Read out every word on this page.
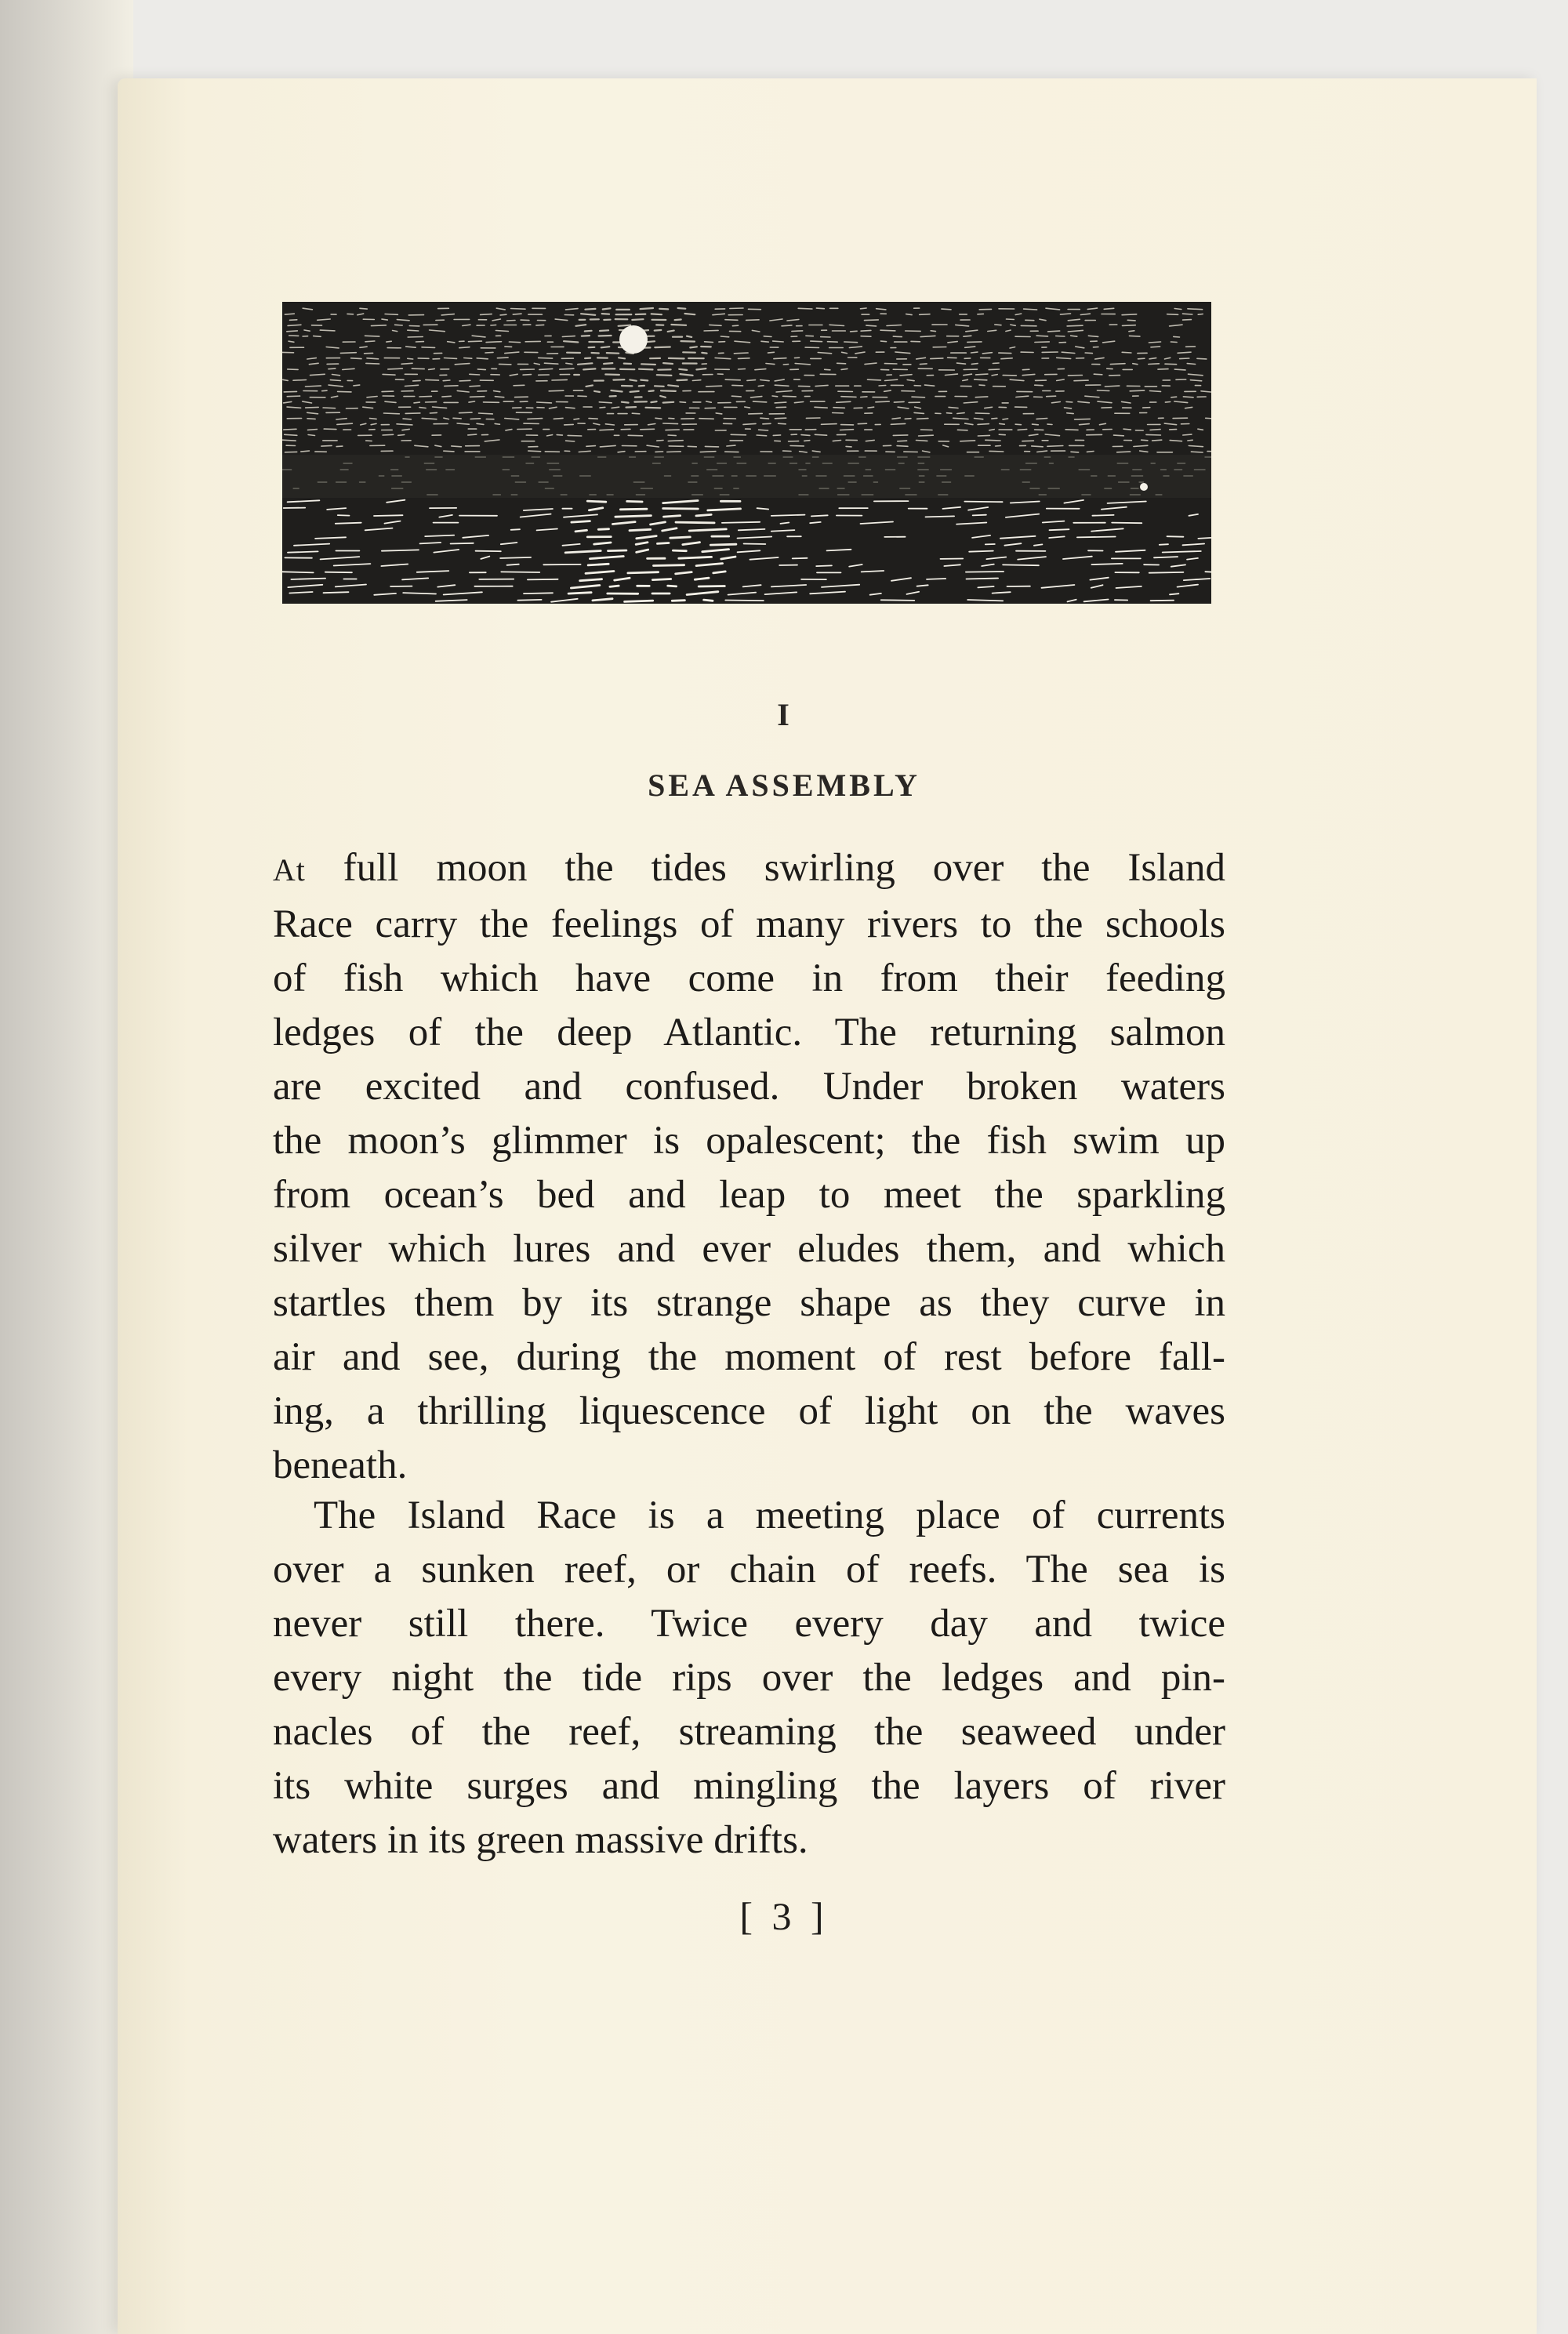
I
SEA ASSEMBLY
At full moon the tides swirling over the Island
Race carry the feelings of many rivers to the schools
of fish which have come in from their feeding
ledges of the deep Atlantic. The returning salmon
are excited and confused. Under broken waters
the moon’s glimmer is opalescent; the fish swim up
from ocean’s bed and leap to meet the sparkling
silver which lures and ever eludes them, and which
startles them by its strange shape as they curve in
air and see, during the moment of rest before fall-
ing, a thrilling liquescence of light on the waves
beneath.
The Island Race is a meeting place of currents
over a sunken reef, or chain of reefs. The sea is
never still there. Twice every day and twice
every night the tide rips over the ledges and pin-
nacles of the reef, streaming the seaweed under
its white surges and mingling the layers of river
waters in its green massive drifts.
[ 3 ]
